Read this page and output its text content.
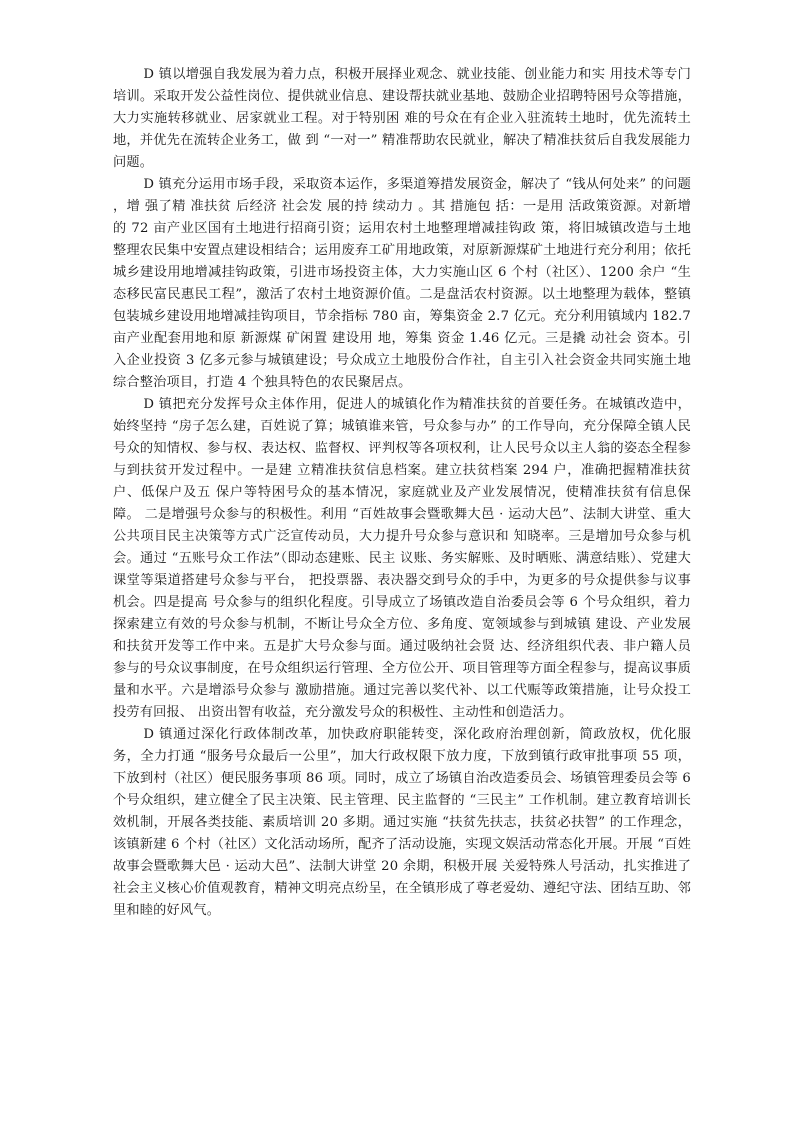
D 镇以增强自我发展为着力点，积极开展择业观念、就业技能、创业能力和实 用技术等专门培训。采取开发公益性岗位、提供就业信息、建设帮扶就业基地、鼓励企业招聘特困号众等措施，大力实施转移就业、居家就业工程。对于特别困 难的号众在有企业入驻流转土地时，优先流转土地，并优先在流转企业务工，做 到 “一对一” 精准帮助农民就业，解决了精准扶贫后自我发展能力问题。

D 镇充分运用市场手段，采取资本运作，多渠道筹措发展资金，解决了 “钱从何处来” 的问题 ，增 强了精 准扶贫 后经济 社会发 展的持 续动力 。其 措施包 括：一是用 活政策资源。对新增的 72 亩产业区国有土地进行招商引资；运用农村土地整理增减挂钩政 策，将旧城镇改造与土地整理农民集中安置点建设相结合；运用废弃工矿用地政策，对原新源煤矿土地进行充分利用；依托城乡建设用地增减挂钩政策，引进市场投资主体，大力实施山区 6 个村（社区）、1200 余户 “生态移民富民惠民工程”，激活了农村土地资源价值。二是盘活农村资源。以土地整理为载体，整镇包装城乡建设用地增减挂钩项目，节余指标 780 亩，筹集资金 2.7 亿元。充分利用镇域内 182.7 亩产业配套用地和原 新源煤 矿闲置 建设用 地，筹集 资金 1.46 亿元。三是撬 动社会 资本。引入企业投资 3 亿多元参与城镇建设；号众成立土地股份合作社，自主引入社会资金共同实施土地综合整治项目，打造 4 个独具特色的农民聚居点。

D 镇把充分发挥号众主体作用，促进人的城镇化作为精准扶贫的首要任务。在城镇改造中，始终坚持 “房子怎么建，百姓说了算；城镇谁来管，号众参与办” 的工作导向，充分保障全镇人民号众的知情权、参与权、表达权、监督权、评判权等各项权利，让人民号众以主人翁的姿态全程参与到扶贫开发过程中。一是建 立精准扶贫信息档案。建立扶贫档案 294 户，准确把握精准扶贫户、低保户及五 保户等特困号众的基本情况，家庭就业及产业发展情况，使精准扶贫有信息保障。 二是增强号众参与的积极性。利用 “百姓故事会暨歌舞大邑 · 运动大邑”、法制大讲堂、重大公共项目民主决策等方式广泛宣传动员，大力提升号众参与意识和 知晓率。三是增加号众参与机会。通过 “五账号众工作法”（即动态建账、民主 议账、务实解账、及时晒账、满意结账）、党建大课堂等渠道搭建号众参与平台， 把投票器、表决器交到号众的手中，为更多的号众提供参与议事机会。四是提高 号众参与的组织化程度。引导成立了场镇改造自治委员会等 6 个号众组织，着力 探索建立有效的号众参与机制，不断让号众全方位、多角度、宽领域参与到城镇 建设、产业发展和扶贫开发等工作中来。五是扩大号众参与面。通过吸纳社会贤 达、经济组织代表、非户籍人员参与的号众议事制度，在号众组织运行管理、全方位公开、项目管理等方面全程参与，提高议事质量和水平。六是增添号众参与 激励措施。通过完善以奖代补、以工代赈等政策措施，让号众投工投劳有回报、 出资出智有收益，充分激发号众的积极性、主动性和创造活力。

D 镇通过深化行政体制改革，加快政府职能转变，深化政府治理创新，简政放权，优化服务，全力打通 “服务号众最后一公里”，加大行政权限下放力度，下放到镇行政审批事项 55 项，下放到村（社区）便民服务事项 86 项。同时，成立了场镇自治改造委员会、场镇管理委员会等 6 个号众组织，建立健全了民主决策、民主管理、民主监督的 “三民主” 工作机制。建立教育培训长效机制，开展各类技能、素质培训 20 多期。通过实施 “扶贫先扶志，扶贫必扶智” 的工作理念，该镇新建 6 个村（社区）文化活动场所，配齐了活动设施，实现文娱活动常态化开展。开展 “百姓故事会暨歌舞大邑 · 运动大邑”、法制大讲堂 20 余期，积极开展 关爱特殊人号活动，扎实推进了社会主义核心价值观教育，精神文明亮点纷呈，在全镇形成了尊老爱幼、遵纪守法、团结互助、邻里和睦的好风气。
